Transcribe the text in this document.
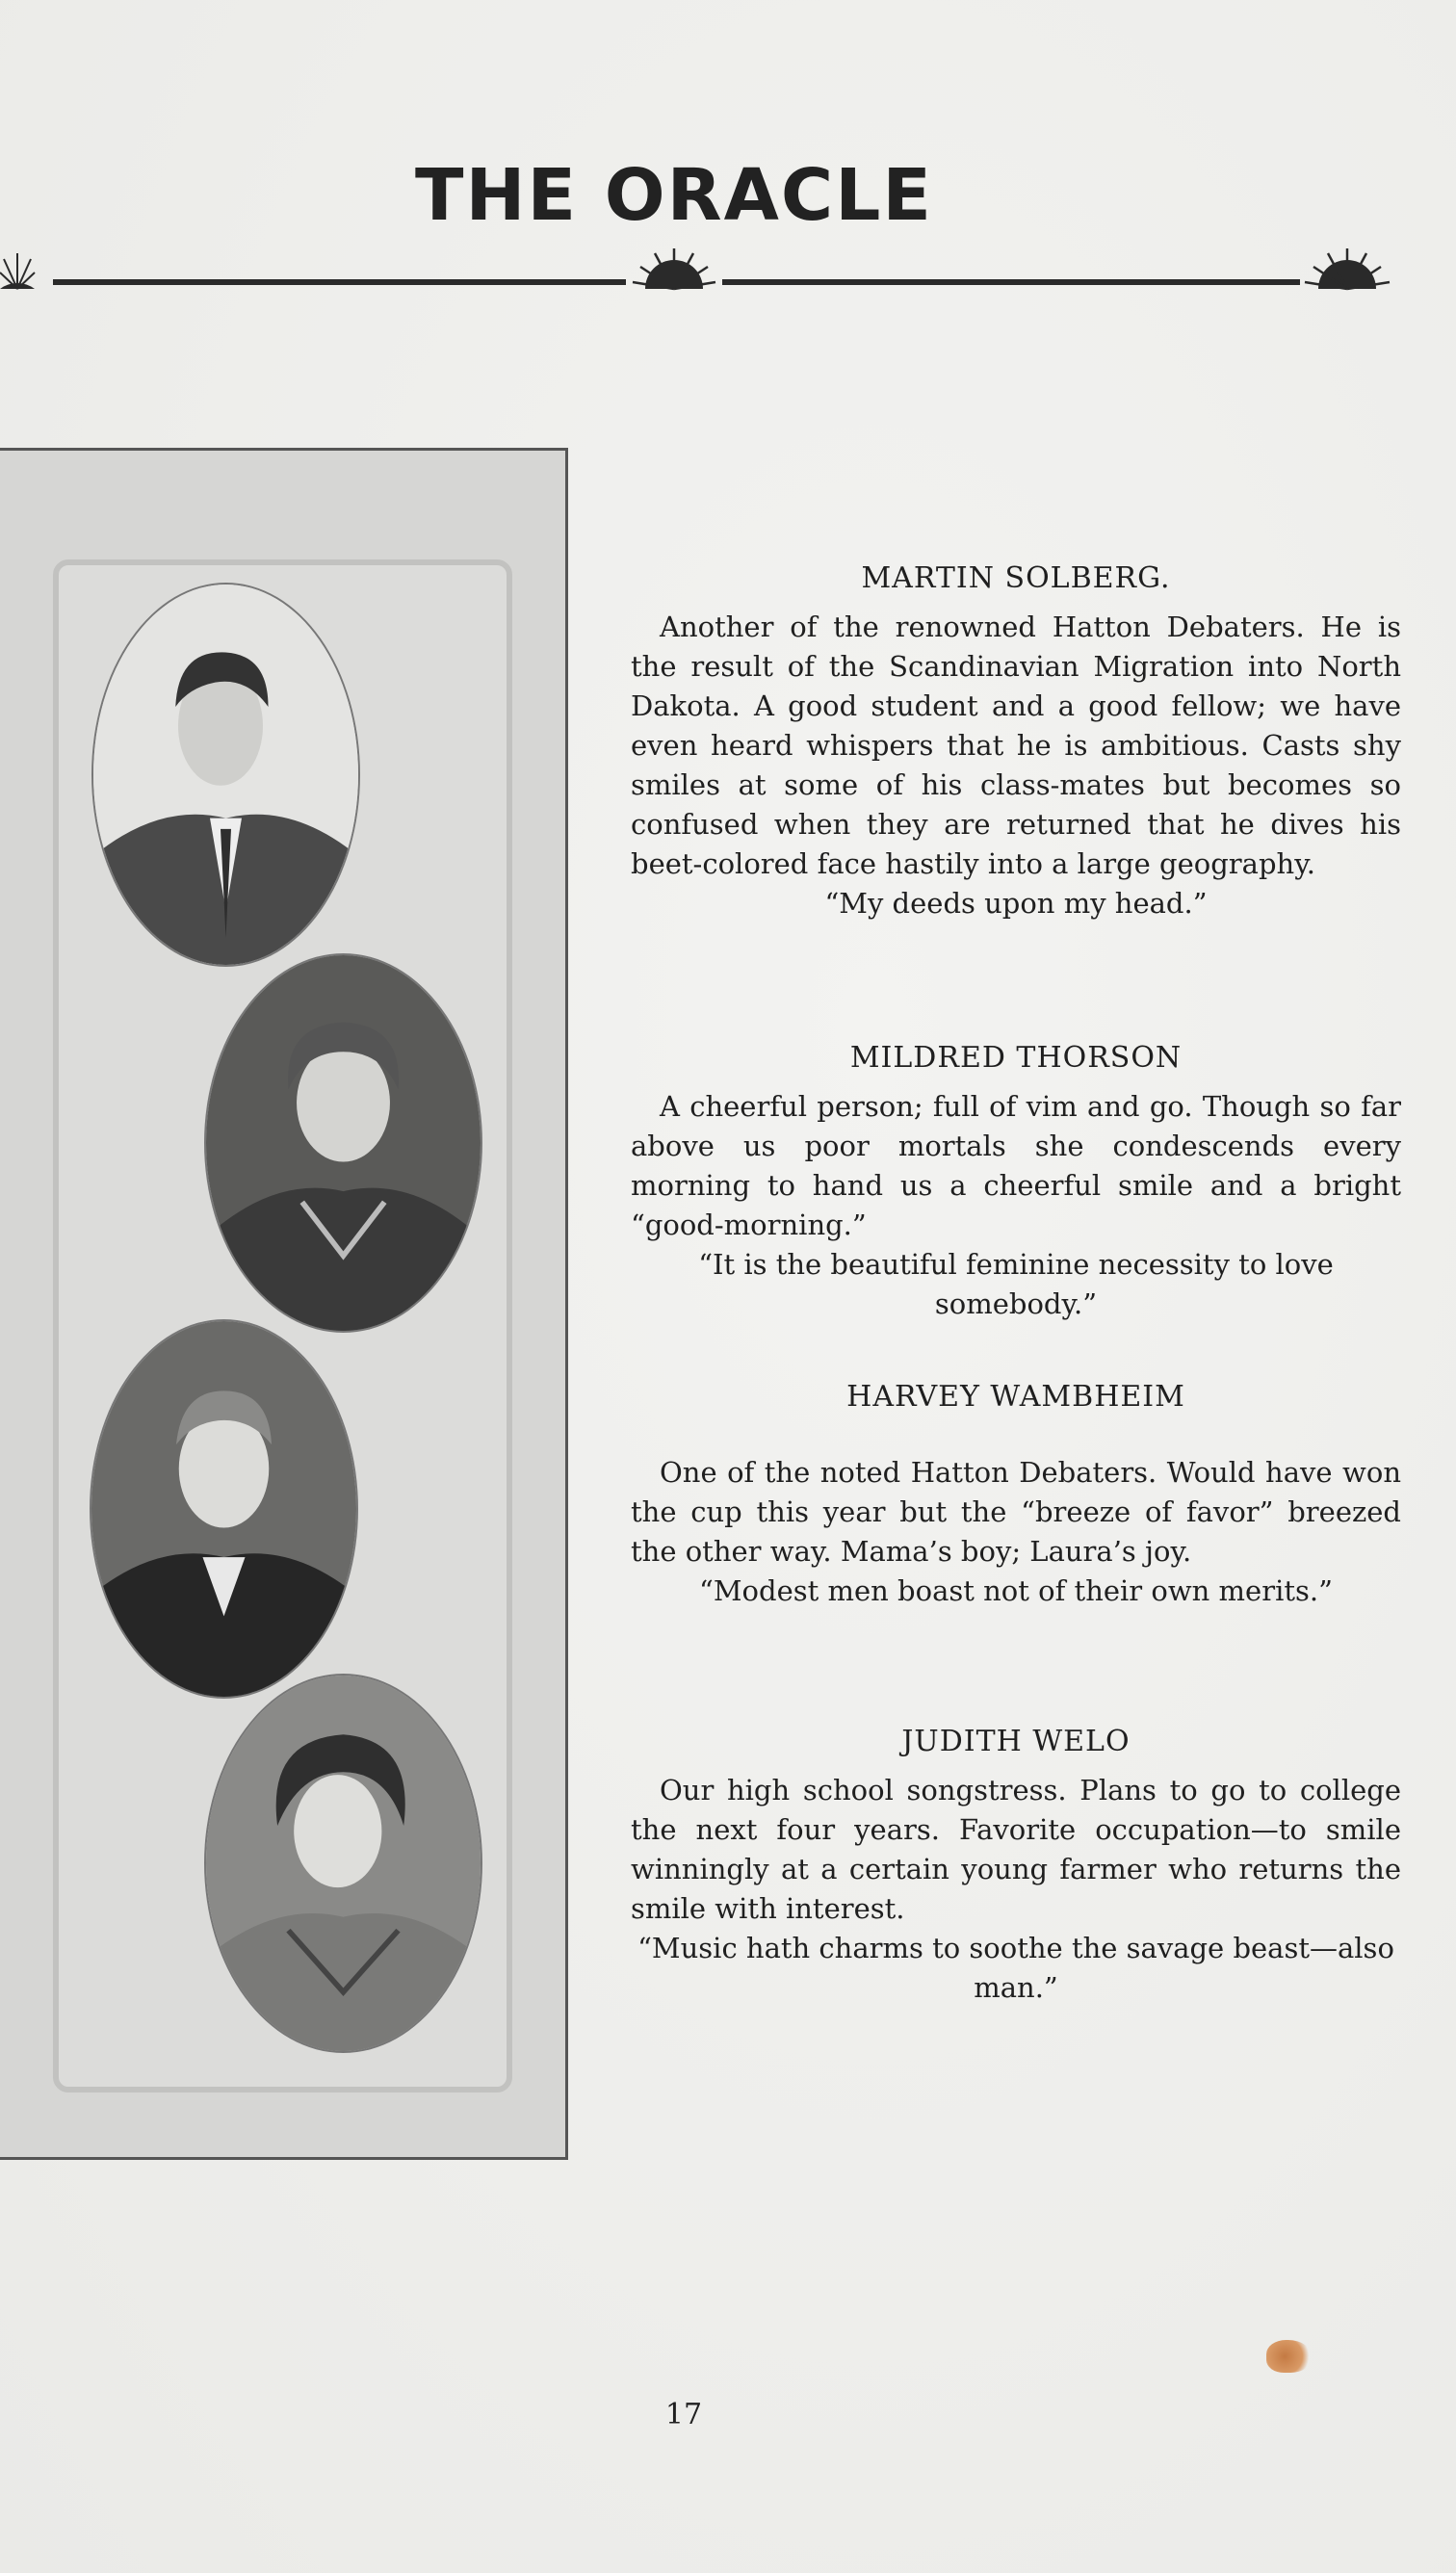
THE ORACLE
MARTIN SOLBERG.
Another of the renowned Hatton Debaters. He is the result of the Scandinavian Migration into North Dakota. A good student and a good fellow; we have even heard whispers that he is ambitious. Casts shy smiles at some of his class-mates but becomes so confused when they are returned that he dives his beet-colored face hastily into a large geography.
“My deeds upon my head.”
MILDRED THORSON
A cheerful person; full of vim and go. Though so far above us poor mortals she condescends every morning to hand us a cheerful smile and a bright “good-morning.”
“It is the beautiful feminine necessity to love somebody.”
HARVEY WAMBHEIM
One of the noted Hatton Debaters. Would have won the cup this year but the “breeze of favor” breezed the other way. Mama’s boy; Laura’s joy.
“Modest men boast not of their own merits.”
JUDITH WELO
Our high school songstress. Plans to go to college the next four years. Favorite occupation—to smile winningly at a certain young farmer who returns the smile with interest.
“Music hath charms to soothe the savage beast—also man.”
17
